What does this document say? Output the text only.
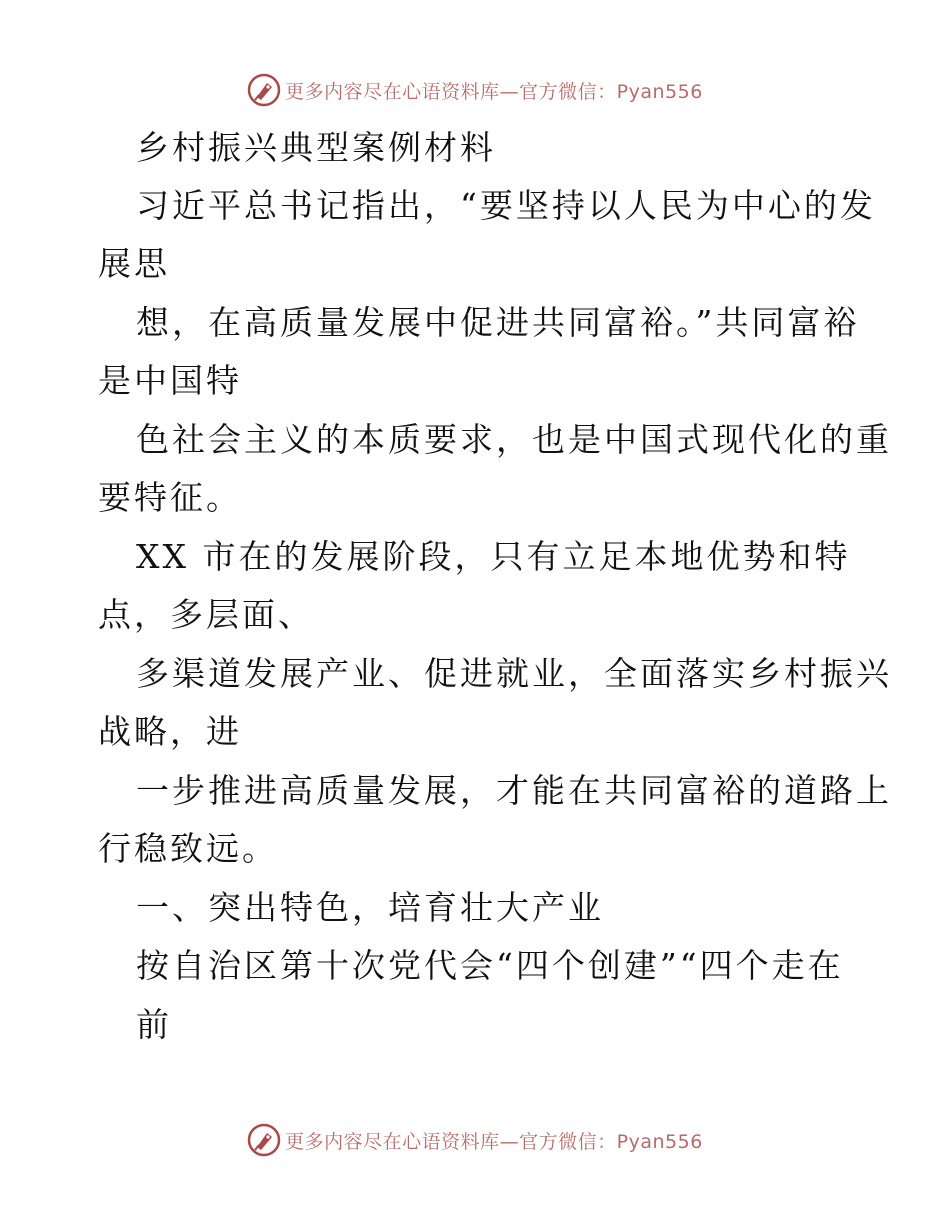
更多内容尽在心语资料库—官方微信：Pyan556
乡村振兴典型案例材料
习近平总书记指出，“要坚持以人民为中心的发
展思
想，在高质量发展中促进共同富裕。”共同富裕
是中国特
色社会主义的本质要求，也是中国式现代化的重
要特征。
XX 市在的发展阶段，只有立足本地优势和特
点，多层面、
多渠道发展产业、促进就业，全面落实乡村振兴
战略，进
一步推进高质量发展，才能在共同富裕的道路上
行稳致远。
一、突出特色，培育壮大产业
按自治区第十次党代会“四个创建”“四个走在
前
更多内容尽在心语资料库—官方微信：Pyan556
